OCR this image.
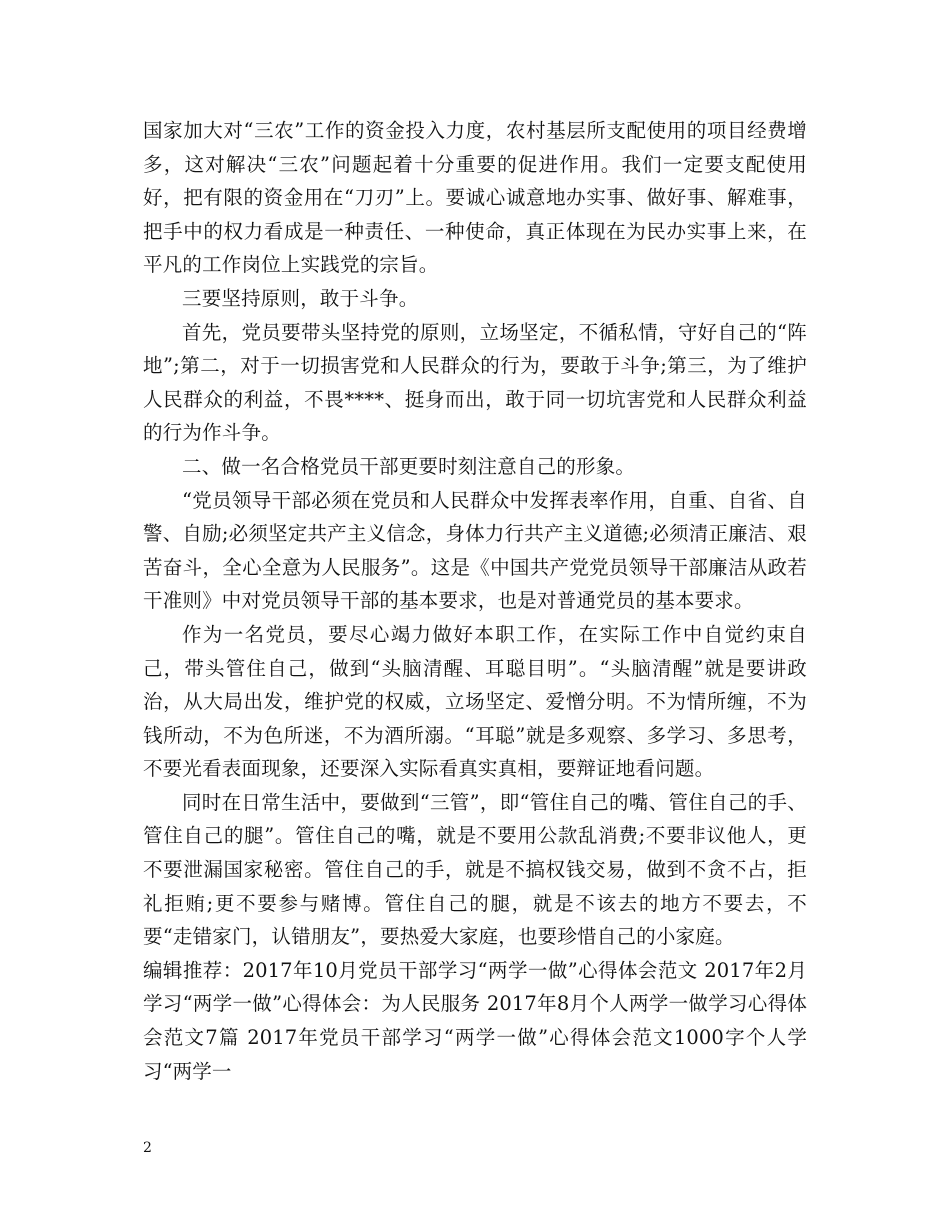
国家加大对“三农”工作的资金投入力度，农村基层所支配使用的项目经费增多，这对解决“三农”问题起着十分重要的促进作用。我们一定要支配使用好，把有限的资金用在“刀刃”上。要诚心诚意地办实事、做好事、解难事，把手中的权力看成是一种责任、一种使命，真正体现在为民办实事上来，在平凡的工作岗位上实践党的宗旨。

三要坚持原则，敢于斗争。

首先，党员要带头坚持党的原则，立场坚定，不循私情，守好自己的“阵地”;第二，对于一切损害党和人民群众的行为，要敢于斗争;第三，为了维护人民群众的利益，不畏****、挺身而出，敢于同一切坑害党和人民群众利益的行为作斗争。

二、做一名合格党员干部更要时刻注意自己的形象。

“党员领导干部必须在党员和人民群众中发挥表率作用，自重、自省、自警、自励;必须坚定共产主义信念，身体力行共产主义道德;必须清正廉洁、艰苦奋斗，全心全意为人民服务”。这是《中国共产党党员领导干部廉洁从政若干准则》中对党员领导干部的基本要求，也是对普通党员的基本要求。

作为一名党员，要尽心竭力做好本职工作，在实际工作中自觉约束自己，带头管住自己，做到“头脑清醒、耳聪目明”。“头脑清醒”就是要讲政治，从大局出发，维护党的权威，立场坚定、爱憎分明。不为情所缠，不为钱所动，不为色所迷，不为酒所溺。“耳聪”就是多观察、多学习、多思考，不要光看表面现象，还要深入实际看真实真相，要辩证地看问题。

同时在日常生活中，要做到“三管”，即“管住自己的嘴、管住自己的手、管住自己的腿”。管住自己的嘴，就是不要用公款乱消费;不要非议他人，更不要泄漏国家秘密。管住自己的手，就是不搞权钱交易，做到不贪不占，拒礼拒贿;更不要参与赌博。管住自己的腿，就是不该去的地方不要去，不要“走错家门，认错朋友”，要热爱大家庭，也要珍惜自己的小家庭。

编辑推荐：2017年10月党员干部学习“两学一做”心得体会范文 2017年2月学习“两学一做”心得体会：为人民服务 2017年8月个人两学一做学习心得体会范文7篇 2017年党员干部学习“两学一做”心得体会范文1000字个人学习“两学一

2
